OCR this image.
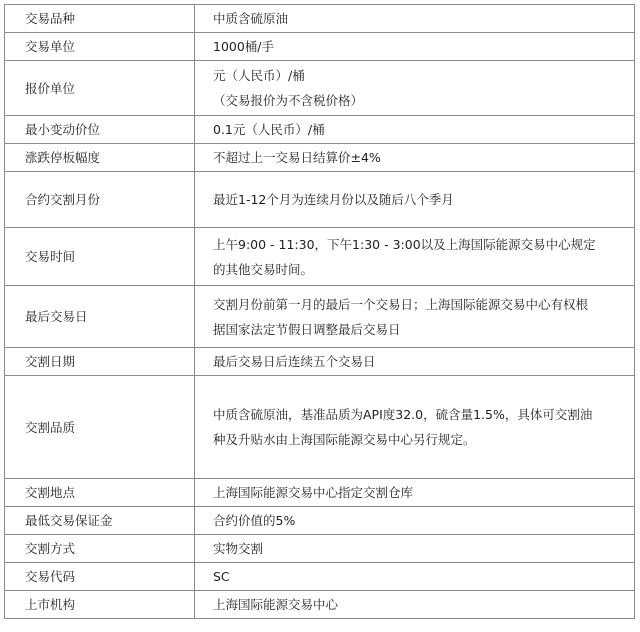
交易品种	中质含硫原油

交易单位	1000桶/手

报价单位	元（人民币）/桶
（交易报价为不含税价格）

最小变动价位	0.1元（人民币）/桶

涨跌停板幅度	不超过上一交易日结算价±4%

合约交割月份	最近1-12个月为连续月份以及随后八个季月

交易时间	上午9:00 - 11:30，下午1:30 - 3:00以及上海国际能源交易中心规定
的其他交易时间。

最后交易日	交割月份前第一月的最后一个交易日；上海国际能源交易中心有权根
据国家法定节假日调整最后交易日

交割日期	最后交易日后连续五个交易日

交割品质	中质含硫原油，基准品质为API度32.0，硫含量1.5%，具体可交割油
种及升贴水由上海国际能源交易中心另行规定。

交割地点	上海国际能源交易中心指定交割仓库

最低交易保证金	合约价值的5%

交割方式	实物交割

交易代码	SC

上市机构	上海国际能源交易中心
